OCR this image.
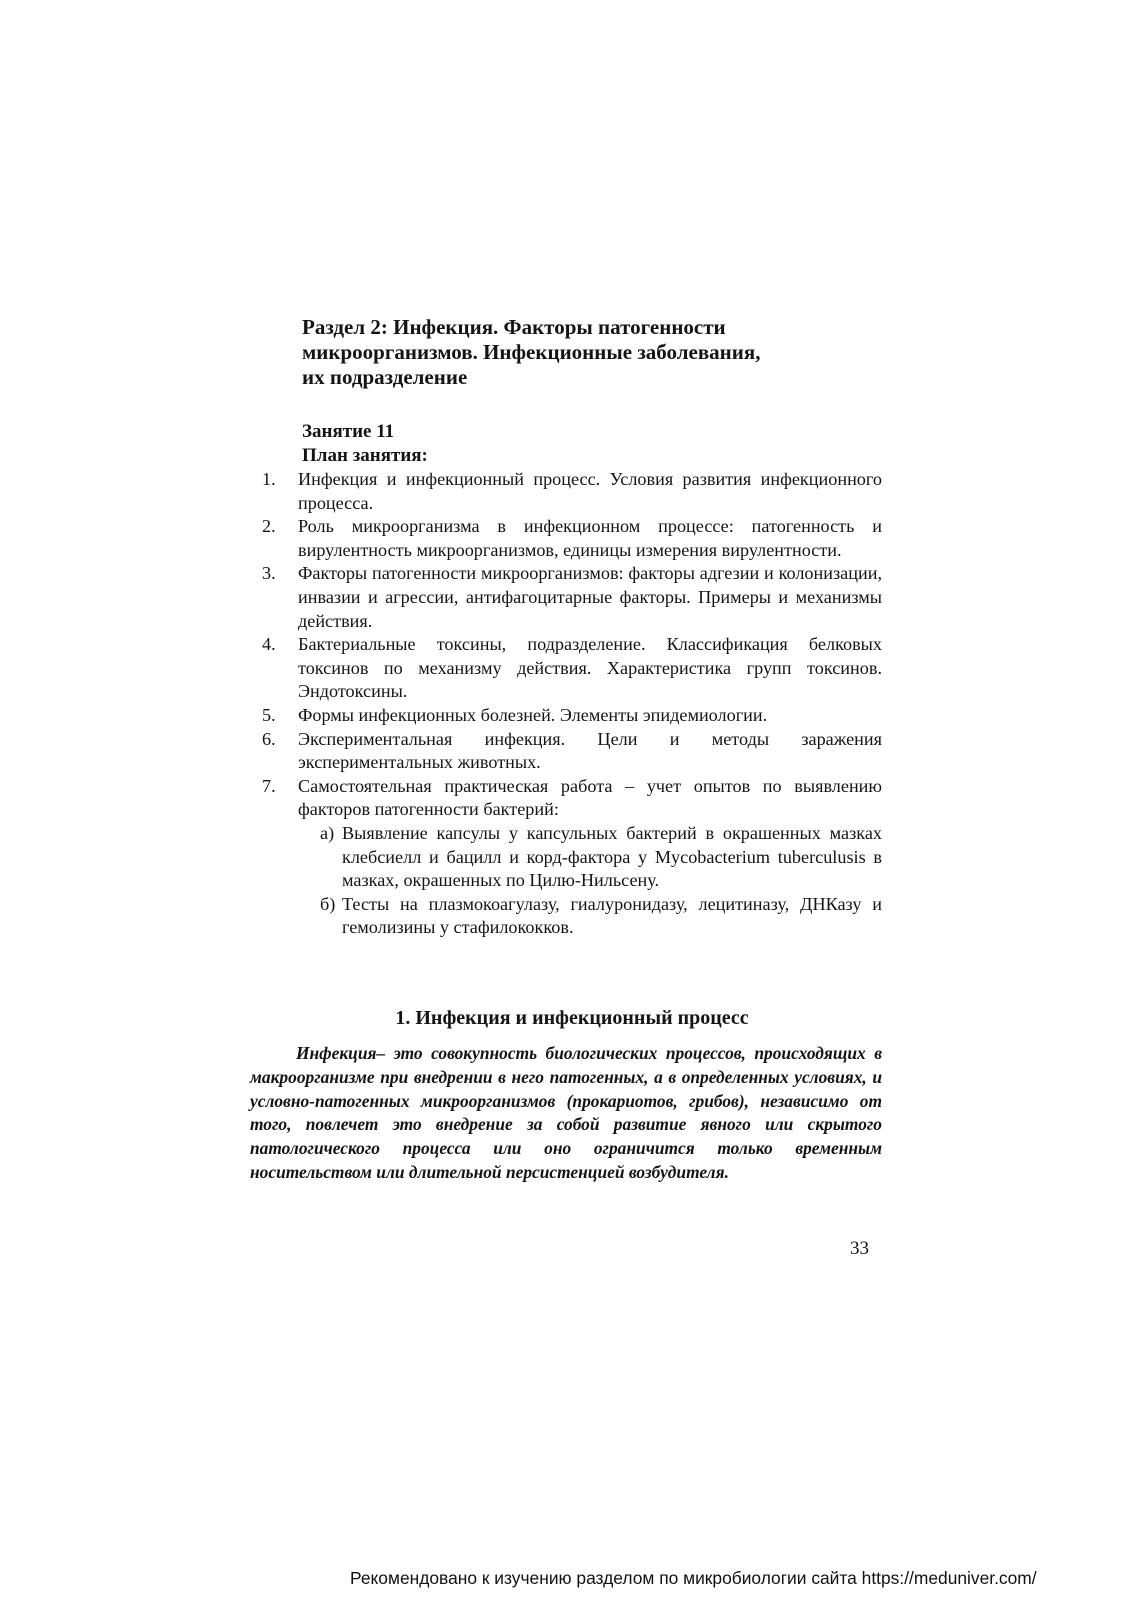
Раздел 2: Инфекция. Факторы патогенности
микроорганизмов. Инфекционные заболевания,
их подразделение
Занятие 11
План занятия:
1.	Инфекция и инфекционный процесс. Условия развития инфекционного процесса.
2.	Роль микроорганизма в инфекционном процессе: патогенность и вирулентность микроорганизмов, единицы измерения вирулентности.
3.	Факторы патогенности микроорганизмов: факторы адгезии и колонизации, инвазии и агрессии, антифагоцитарные факторы. Примеры и механизмы действия.
4.	Бактериальные токсины, подразделение. Классификация белковых токсинов по механизму действия. Характеристика групп токсинов. Эндотоксины.
5.	Формы инфекционных болезней. Элементы эпидемиологии.
6.	Экспериментальная инфекция. Цели и методы заражения экспериментальных животных.
7.	Самостоятельная практическая работа – учет опытов по выявлению факторов патогенности бактерий:
а) Выявление капсулы у капсульных бактерий в окрашенных мазках клебсиелл и бацилл и корд-фактора у Mycobacterium tuberculusis в мазках, окрашенных по Цилю-Нильсену.
б) Тесты на плазмокоагулазу, гиалуронидазу, лецитиназу, ДНКазу и гемолизины у стафилококков.
1. Инфекция и инфекционный процесс

Инфекция– это совокупность биологических процессов, происходящих в макроорганизме при внедрении в него патогенных, а в определенных условиях, и условно-патогенных микроорганизмов (прокариотов, грибов), независимо от того, повлечет это внедрение за собой развитие явного или скрытого патологического процесса или оно ограничится только временным носительством или длительной персистенцией возбудителя.

33
Рекомендовано к изучению разделом по микробиологии сайта https://meduniver.com/
